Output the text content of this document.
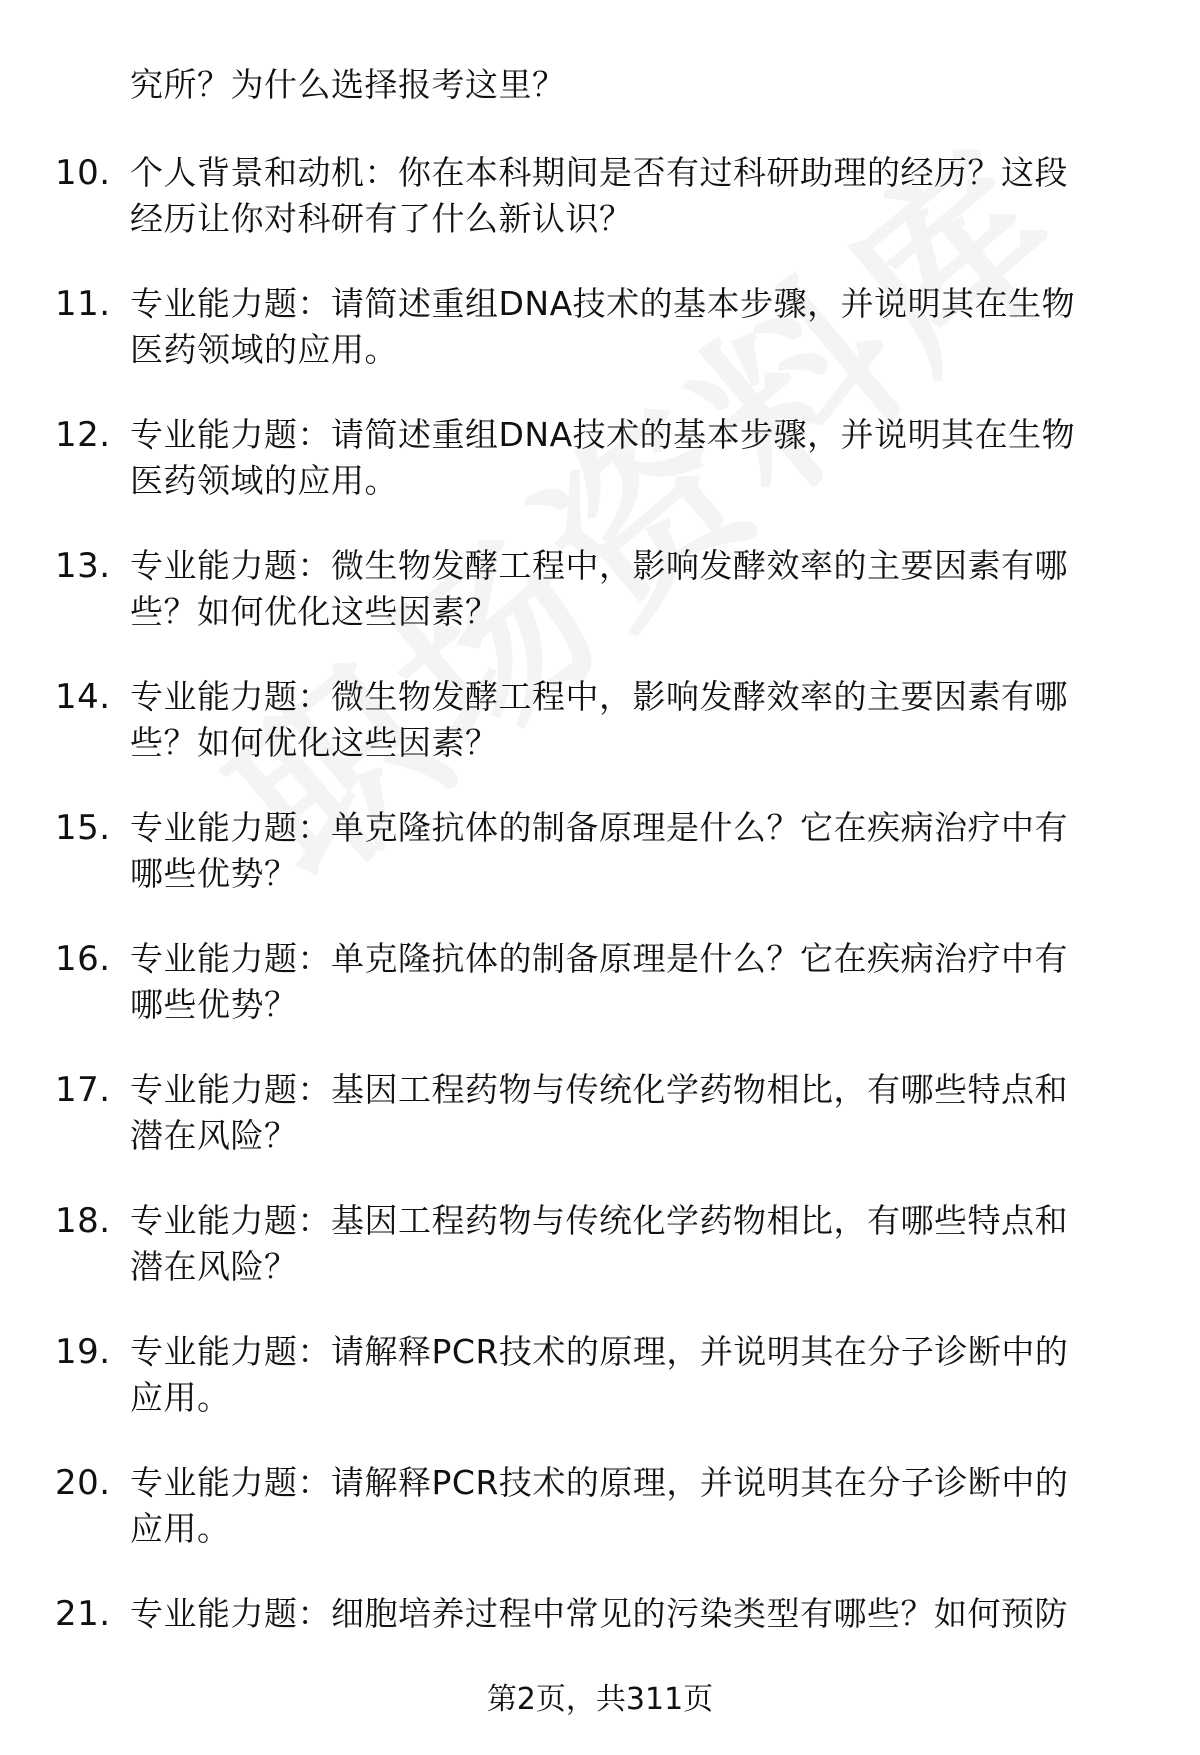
究所？为什么选择报考这里？
10. 个人背景和动机：你在本科期间是否有过科研助理的经历？这段
经历让你对科研有了什么新认识？
11. 专业能力题：请简述重组DNA技术的基本步骤，并说明其在生物
医药领域的应用。
12. 专业能力题：请简述重组DNA技术的基本步骤，并说明其在生物
医药领域的应用。
13. 专业能力题：微生物发酵工程中，影响发酵效率的主要因素有哪
些？如何优化这些因素？
14. 专业能力题：微生物发酵工程中，影响发酵效率的主要因素有哪
些？如何优化这些因素？
15. 专业能力题：单克隆抗体的制备原理是什么？它在疾病治疗中有
哪些优势？
16. 专业能力题：单克隆抗体的制备原理是什么？它在疾病治疗中有
哪些优势？
17. 专业能力题：基因工程药物与传统化学药物相比，有哪些特点和
潜在风险？
18. 专业能力题：基因工程药物与传统化学药物相比，有哪些特点和
潜在风险？
19. 专业能力题：请解释PCR技术的原理，并说明其在分子诊断中的
应用。
20. 专业能力题：请解释PCR技术的原理，并说明其在分子诊断中的
应用。
21. 专业能力题：细胞培养过程中常见的污染类型有哪些？如何预防
第2页，共311页
